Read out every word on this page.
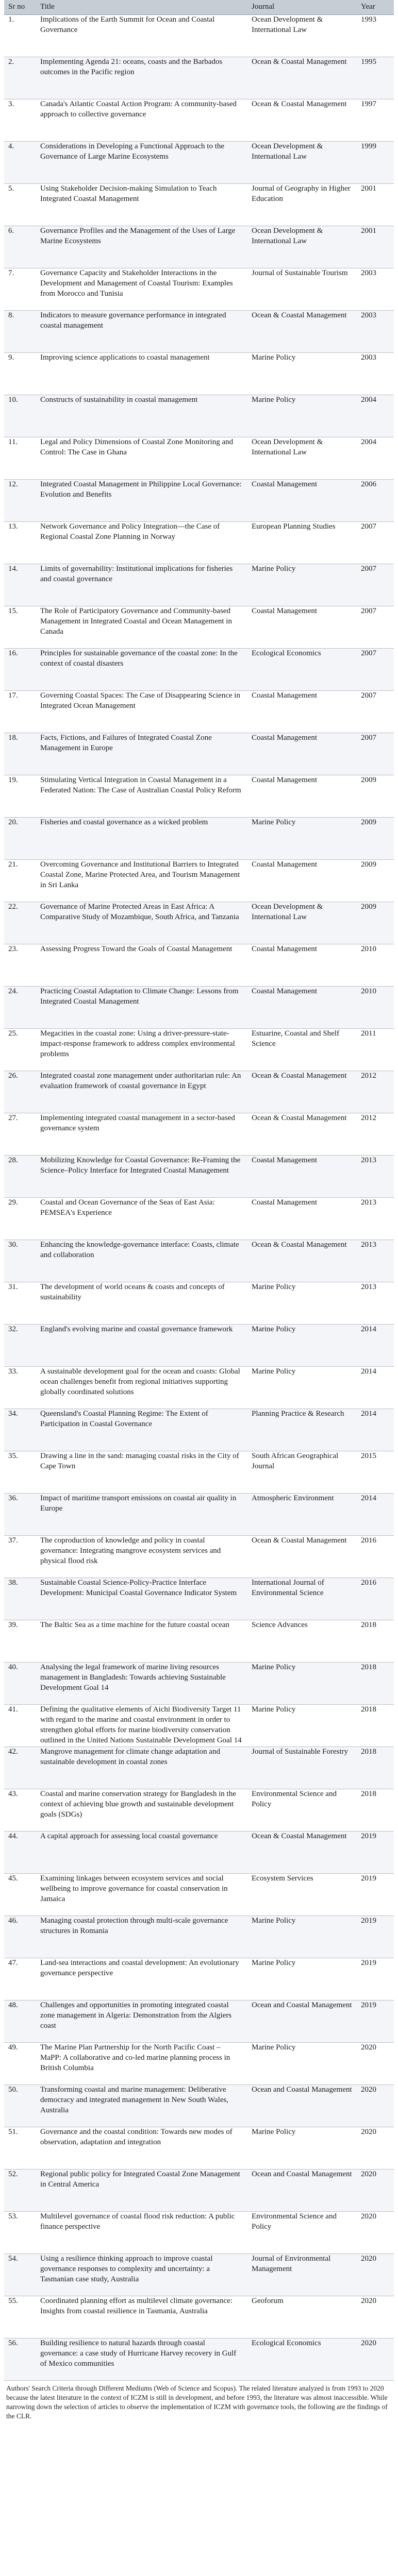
Sr no	Title	Journal	Year
1.	Implications of the Earth Summit for Ocean and Coastal Governance	Ocean Development & International Law	1993
2.	Implementing Agenda 21: oceans, coasts and the Barbados outcomes in the Pacific region	Ocean & Coastal Management	1995
3.	Canada's Atlantic Coastal Action Program: A community-based approach to collective governance	Ocean & Coastal Management	1997
4.	Considerations in Developing a Functional Approach to the Governance of Large Marine Ecosystems	Ocean Development & International Law	1999
5.	Using Stakeholder Decision-making Simulation to Teach Integrated Coastal Management	Journal of Geography in Higher Education	2001
6.	Governance Profiles and the Management of the Uses of Large Marine Ecosystems	Ocean Development & International Law	2001
7.	Governance Capacity and Stakeholder Interactions in the Development and Management of Coastal Tourism: Examples from Morocco and Tunisia	Journal of Sustainable Tourism	2003
8.	Indicators to measure governance performance in integrated coastal management	Ocean & Coastal Management	2003
9.	Improving science applications to coastal management	Marine Policy	2003
10.	Constructs of sustainability in coastal management	Marine Policy	2004
11.	Legal and Policy Dimensions of Coastal Zone Monitoring and Control: The Case in Ghana	Ocean Development & International Law	2004
12.	Integrated Coastal Management in Philippine Local Governance: Evolution and Benefits	Coastal Management	2006
13.	Network Governance and Policy Integration—the Case of Regional Coastal Zone Planning in Norway	European Planning Studies	2007
14.	Limits of governability: Institutional implications for fisheries and coastal governance	Marine Policy	2007
15.	The Role of Participatory Governance and Community-based Management in Integrated Coastal and Ocean Management in Canada	Coastal Management	2007
16.	Principles for sustainable governance of the coastal zone: In the context of coastal disasters	Ecological Economics	2007
17.	Governing Coastal Spaces: The Case of Disappearing Science in Integrated Ocean Management	Coastal Management	2007
18.	Facts, Fictions, and Failures of Integrated Coastal Zone Management in Europe	Coastal Management	2007
19.	Stimulating Vertical Integration in Coastal Management in a Federated Nation: The Case of Australian Coastal Policy Reform	Coastal Management	2009
20.	Fisheries and coastal governance as a wicked problem	Marine Policy	2009
21.	Overcoming Governance and Institutional Barriers to Integrated Coastal Zone, Marine Protected Area, and Tourism Management in Sri Lanka	Coastal Management	2009
22.	Governance of Marine Protected Areas in East Africa: A Comparative Study of Mozambique, South Africa, and Tanzania	Ocean Development & International Law	2009
23.	Assessing Progress Toward the Goals of Coastal Management	Coastal Management	2010
24.	Practicing Coastal Adaptation to Climate Change: Lessons from Integrated Coastal Management	Coastal Management	2010
25.	Megacities in the coastal zone: Using a driver-pressure-state-impact-response framework to address complex environmental problems	Estuarine, Coastal and Shelf Science	2011
26.	Integrated coastal zone management under authoritarian rule: An evaluation framework of coastal governance in Egypt	Ocean & Coastal Management	2012
27.	Implementing integrated coastal management in a sector-based governance system	Ocean & Coastal Management	2012
28.	Mobilizing Knowledge for Coastal Governance: Re-Framing the Science–Policy Interface for Integrated Coastal Management	Coastal Management	2013
29.	Coastal and Ocean Governance of the Seas of East Asia: PEMSEA's Experience	Coastal Management	2013
30.	Enhancing the knowledge-governance interface: Coasts, climate and collaboration	Ocean & Coastal Management	2013
31.	The development of world oceans & coasts and concepts of sustainability	Marine Policy	2013
32.	England's evolving marine and coastal governance framework	Marine Policy	2014
33.	A sustainable development goal for the ocean and coasts: Global ocean challenges benefit from regional initiatives supporting globally coordinated solutions	Marine Policy	2014
34.	Queensland's Coastal Planning Regime: The Extent of Participation in Coastal Governance	Planning Practice & Research	2014
35.	Drawing a line in the sand: managing coastal risks in the City of Cape Town	South African Geographical Journal	2015
36.	Impact of maritime transport emissions on coastal air quality in Europe	Atmospheric Environment	2014
37.	The coproduction of knowledge and policy in coastal governance: Integrating mangrove ecosystem services and physical flood risk	Ocean & Coastal Management	2016
38.	Sustainable Coastal Science-Policy-Practice Interface Development: Municipal Coastal Governance Indicator System	International Journal of Environmental Science	2016
39.	The Baltic Sea as a time machine for the future coastal ocean	Science Advances	2018
40.	Analysing the legal framework of marine living resources management in Bangladesh: Towards achieving Sustainable Development Goal 14	Marine Policy	2018
41.	Defining the qualitative elements of Aichi Biodiversity Target 11 with regard to the marine and coastal environment in order to strengthen global efforts for marine biodiversity conservation outlined in the United Nations Sustainable Development Goal 14	Marine Policy	2018
42.	Mangrove management for climate change adaptation and sustainable development in coastal zones	Journal of Sustainable Forestry	2018
43.	Coastal and marine conservation strategy for Bangladesh in the context of achieving blue growth and sustainable development goals (SDGs)	Environmental Science and Policy	2018
44.	A capital approach for assessing local coastal governance	Ocean & Coastal Management	2019
45.	Examining linkages between ecosystem services and social wellbeing to improve governance for coastal conservation in Jamaica	Ecosystem Services	2019
46.	Managing coastal protection through multi-scale governance structures in Romania	Marine Policy	2019
47.	Land-sea interactions and coastal development: An evolutionary governance perspective	Marine Policy	2019
48.	Challenges and opportunities in promoting integrated coastal zone management in Algeria: Demonstration from the Algiers coast	Ocean and Coastal Management	2019
49.	The Marine Plan Partnership for the North Pacific Coast – MaPP: A collaborative and co-led marine planning process in British Columbia	Marine Policy	2020
50.	Transforming coastal and marine management: Deliberative democracy and integrated management in New South Wales, Australia	Ocean and Coastal Management	2020
51.	Governance and the coastal condition: Towards new modes of observation, adaptation and integration	Marine Policy	2020
52.	Regional public policy for Integrated Coastal Zone Management in Central America	Ocean and Coastal Management	2020
53.	Multilevel governance of coastal flood risk reduction: A public finance perspective	Environmental Science and Policy	2020
54.	Using a resilience thinking approach to improve coastal governance responses to complexity and uncertainty: a Tasmanian case study, Australia	Journal of Environmental Management	2020
55.	Coordinated planning effort as multilevel climate governance: Insights from coastal resilience in Tasmania, Australia	Geoforum	2020
56.	Building resilience to natural hazards through coastal governance: a case study of Hurricane Harvey recovery in Gulf of Mexico communities	Ecological Economics	2020
Authors' Search Criteria through Different Mediums (Web of Science and Scopus). The related literature analyzed is from 1993 to 2020 because the latest literature in the context of ICZM is still in development, and before 1993, the literature was almost inaccessible. While narrowing down the selection of articles to observe the implementation of ICZM with governance tools, the following are the findings of the CLR.
